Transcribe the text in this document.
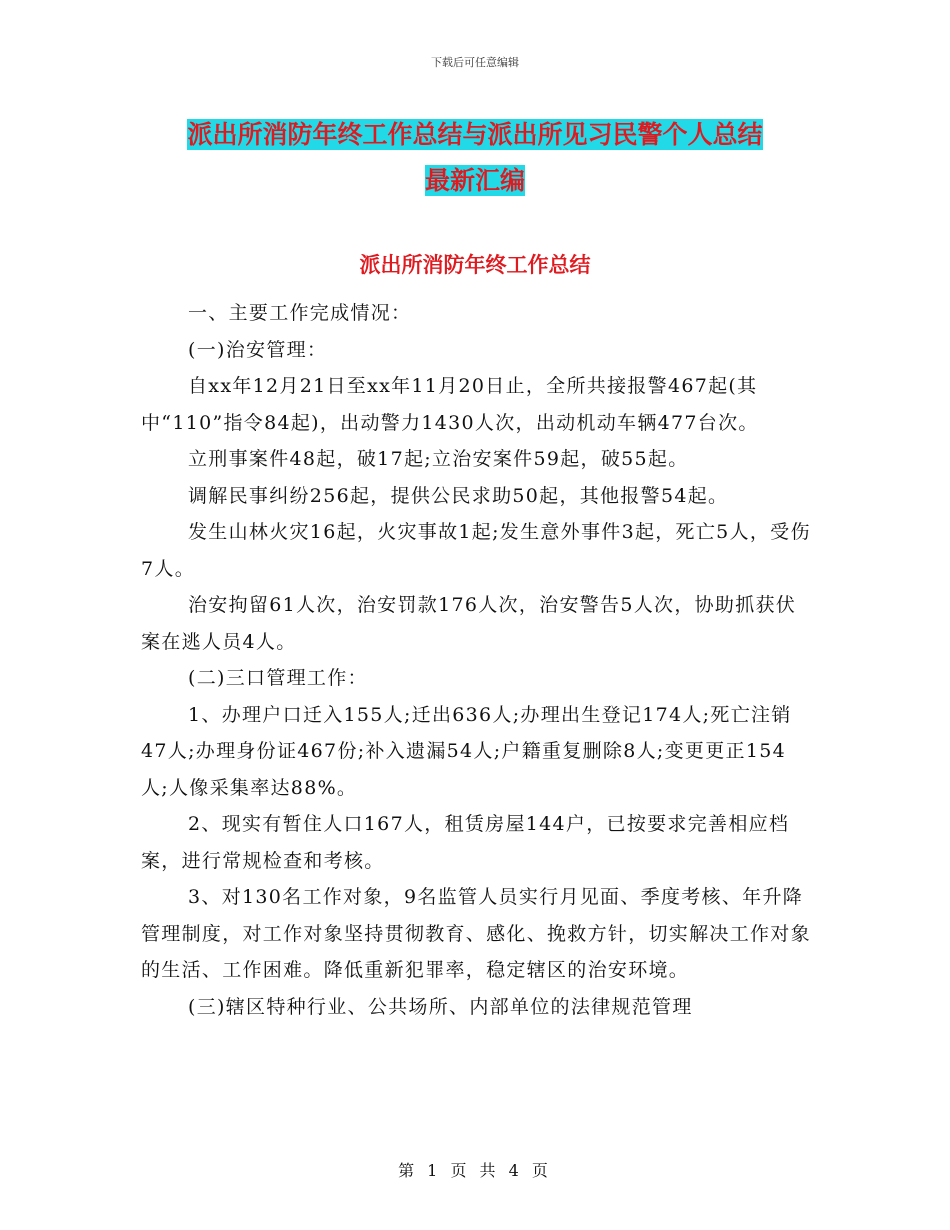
下载后可任意编辑
派出所消防年终工作总结与派出所见习民警个人总结
最新汇编
派出所消防年终工作总结

一、主要工作完成情况：

(一)治安管理：

自xx年12月21日至xx年11月20日止，全所共接报警467起(其中“110”指令84起)，出动警力1430人次，出动机动车辆477台次。

立刑事案件48起，破17起;立治安案件59起，破55起。

调解民事纠纷256起，提供公民求助50起，其他报警54起。

发生山林火灾16起，火灾事故1起;发生意外事件3起，死亡5人，受伤7人。

治安拘留61人次，治安罚款176人次，治安警告5人次，协助抓获伏案在逃人员4人。

(二)三口管理工作：

1、办理户口迁入155人;迁出636人;办理出生登记174人;死亡注销47人;办理身份证467份;补入遗漏54人;户籍重复删除8人;变更更正154人;人像采集率达88%。

2、现实有暂住人口167人，租赁房屋144户，已按要求完善相应档案，进行常规检查和考核。

3、对130名工作对象，9名监管人员实行月见面、季度考核、年升降管理制度，对工作对象坚持贯彻教育、感化、挽救方针，切实解决工作对象的生活、工作困难。降低重新犯罪率，稳定辖区的治安环境。

(三)辖区特种行业、公共场所、内部单位的法律规范管理

第 1 页 共 4 页
